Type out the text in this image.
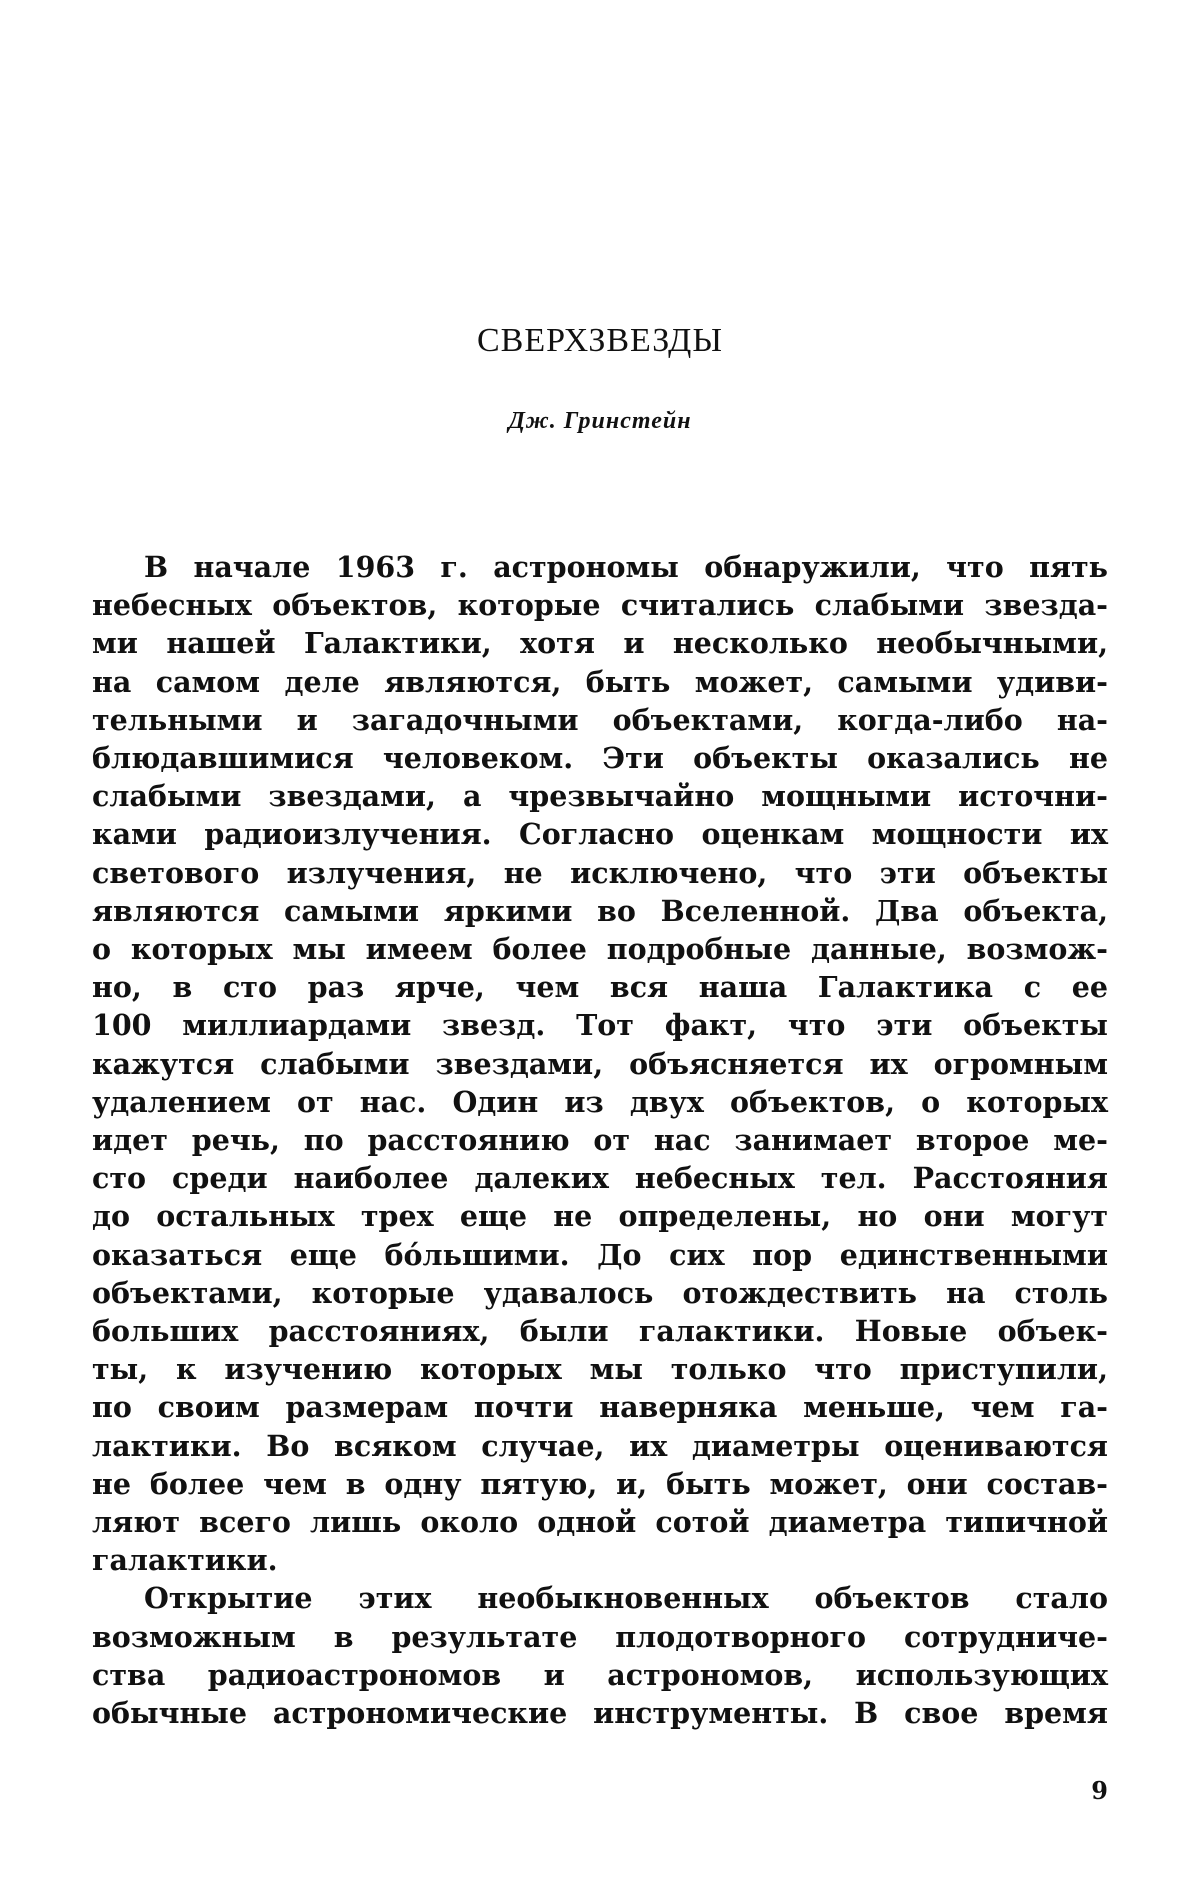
СВЕРХЗВЕЗДЫ
Дж. Гринстейн
В начале 1963 г. астрономы обнаружили, что пять
небесных объектов, которые считались слабыми звезда-
ми нашей Галактики, хотя и несколько необычными,
на самом деле являются, быть может, самыми удиви-
тельными и загадочными объектами, когда-либо на-
блюдавшимися человеком. Эти объекты оказались не
слабыми звездами, а чрезвычайно мощными источни-
ками радиоизлучения. Согласно оценкам мощности их
светового излучения, не исключено, что эти объекты
являются самыми яркими во Вселенной. Два объекта,
о которых мы имеем более подробные данные, возмож-
но, в сто раз ярче, чем вся наша Галактика с ее
100 миллиардами звезд. Тот факт, что эти объекты
кажутся слабыми звездами, объясняется их огромным
удалением от нас. Один из двух объектов, о которых
идет речь, по расстоянию от нас занимает второе ме-
сто среди наиболее далеких небесных тел. Расстояния
до остальных трех еще не определены, но они могут
оказаться еще бóльшими. До сих пор единственными
объектами, которые удавалось отождествить на столь
больших расстояниях, были галактики. Новые объек-
ты, к изучению которых мы только что приступили,
по своим размерам почти наверняка меньше, чем га-
лактики. Во всяком случае, их диаметры оцениваются
не более чем в одну пятую, и, быть может, они состав-
ляют всего лишь около одной сотой диаметра типичной
галактики.
Открытие этих необыкновенных объектов стало
возможным в результате плодотворного сотрудниче-
ства радиоастрономов и астрономов, использующих
обычные астрономические инструменты. В свое время
9
